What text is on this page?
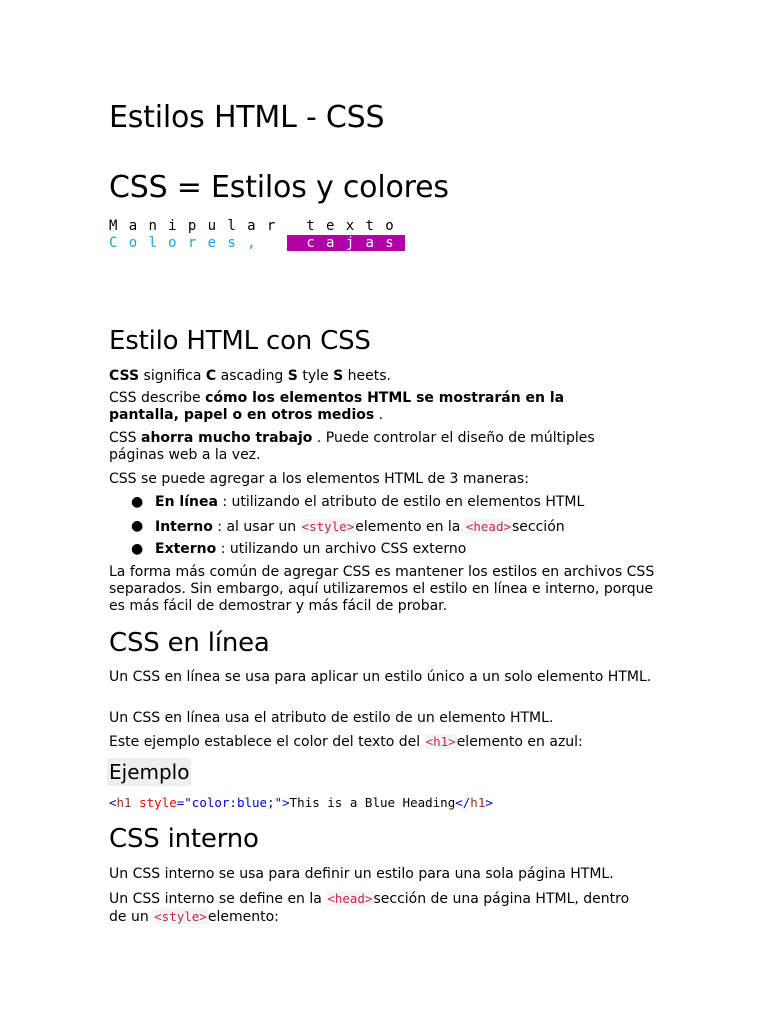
Estilos HTML - CSS
CSS = Estilos y colores
Manipular texto
Colores,	cajas
Estilo HTML con CSS

CSS significa C ascading S tyle S heets.

CSS describe cómo los elementos HTML se mostrarán en la pantalla, papel o en otros medios .

CSS ahorra mucho trabajo . Puede controlar el diseño de múltiples páginas web a la vez.

CSS se puede agregar a los elementos HTML de 3 maneras:

● En línea : utilizando el atributo de estilo en elementos HTML
● Interno : al usar un <style>elemento en la <head>sección
● Externo : utilizando un archivo CSS externo

La forma más común de agregar CSS es mantener los estilos en archivos CSS separados. Sin embargo, aquí utilizaremos el estilo en línea e interno, porque es más fácil de demostrar y más fácil de probar.

CSS en línea

Un CSS en línea se usa para aplicar un estilo único a un solo elemento HTML.

Un CSS en línea usa el atributo de estilo de un elemento HTML.

Este ejemplo establece el color del texto del <h1>elemento en azul:

Ejemplo
<h1 style="color:blue;">This is a Blue Heading</h1>
CSS interno

Un CSS interno se usa para definir un estilo para una sola página HTML.

Un CSS interno se define en la <head>sección de una página HTML, dentro de un <style>elemento:
